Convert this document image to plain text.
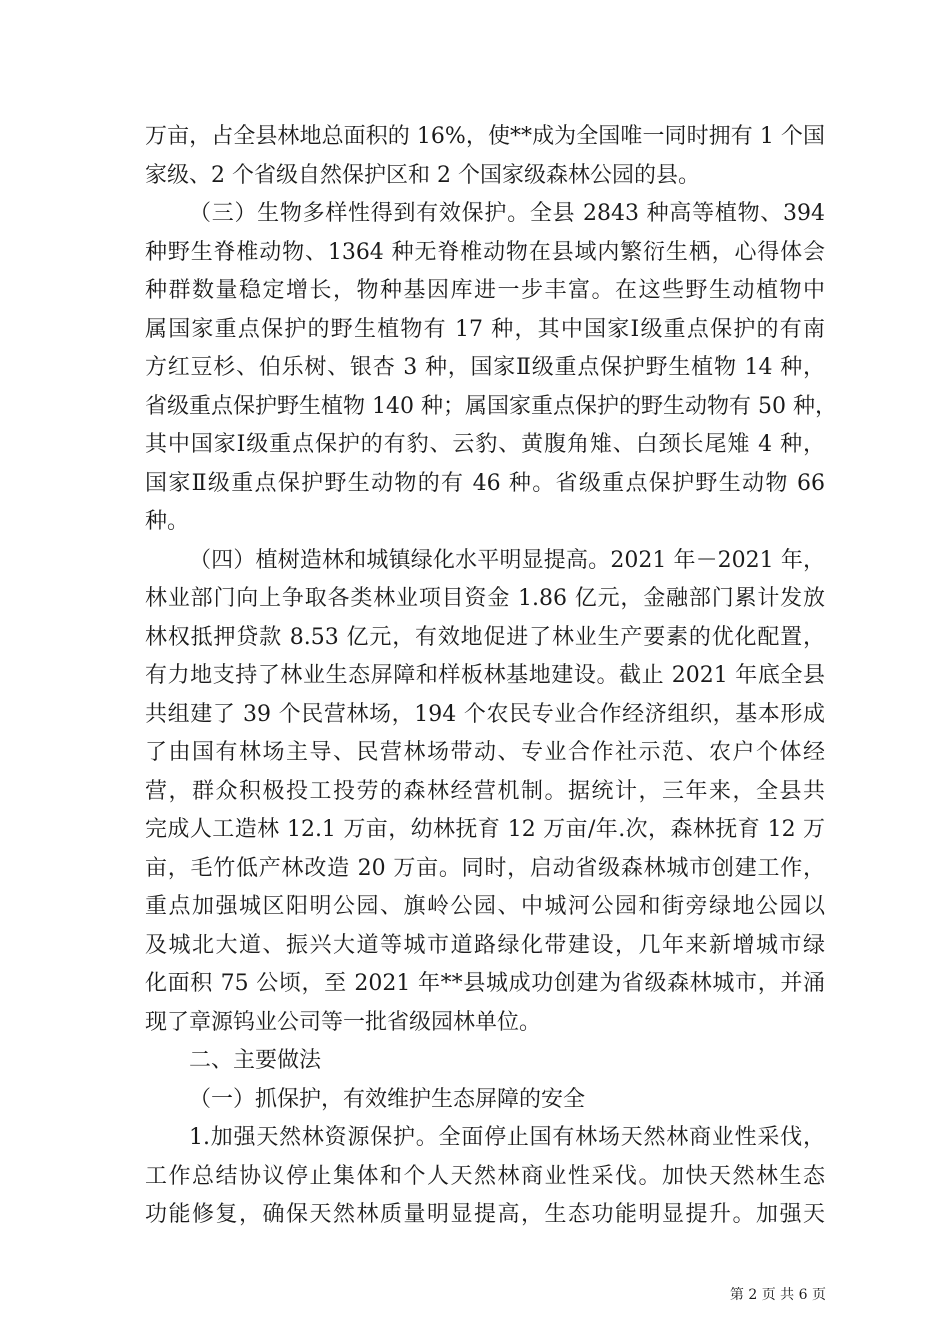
万亩，占全县林地总面积的 16%，使**成为全国唯一同时拥有 1 个国
家级、2 个省级自然保护区和 2 个国家级森林公园的县。
（三）生物多样性得到有效保护。全县 2843 种高等植物、394
种野生脊椎动物、1364 种无脊椎动物在县域内繁衍生栖，心得体会
种群数量稳定增长，物种基因库进一步丰富。在这些野生动植物中
属国家重点保护的野生植物有 17 种，其中国家Ⅰ级重点保护的有南
方红豆杉、伯乐树、银杏 3 种，国家Ⅱ级重点保护野生植物 14 种，
省级重点保护野生植物 140 种；属国家重点保护的野生动物有 50 种，
其中国家Ⅰ级重点保护的有豹、云豹、黄腹角雉、白颈长尾雉 4 种，
国家Ⅱ级重点保护野生动物的有 46 种。省级重点保护野生动物 66
种。
（四）植树造林和城镇绿化水平明显提高。2021 年－2021 年，
林业部门向上争取各类林业项目资金 1.86 亿元，金融部门累计发放
林权抵押贷款 8.53 亿元，有效地促进了林业生产要素的优化配置，
有力地支持了林业生态屏障和样板林基地建设。截止 2021 年底全县
共组建了 39 个民营林场，194 个农民专业合作经济组织，基本形成
了由国有林场主导、民营林场带动、专业合作社示范、农户个体经
营，群众积极投工投劳的森林经营机制。据统计，三年来，全县共
完成人工造林 12.1 万亩，幼林抚育 12 万亩/年.次，森林抚育 12 万
亩，毛竹低产林改造 20 万亩。同时，启动省级森林城市创建工作，
重点加强城区阳明公园、旗岭公园、中城河公园和街旁绿地公园以
及城北大道、振兴大道等城市道路绿化带建设，几年来新增城市绿
化面积 75 公顷，至 2021 年**县城成功创建为省级森林城市，并涌
现了章源钨业公司等一批省级园林单位。
二、主要做法
（一）抓保护，有效维护生态屏障的安全
1.加强天然林资源保护。全面停止国有林场天然林商业性采伐，
工作总结协议停止集体和个人天然林商业性采伐。加快天然林生态
功能修复，确保天然林质量明显提高，生态功能明显提升。加强天
第 2 页 共 6 页
